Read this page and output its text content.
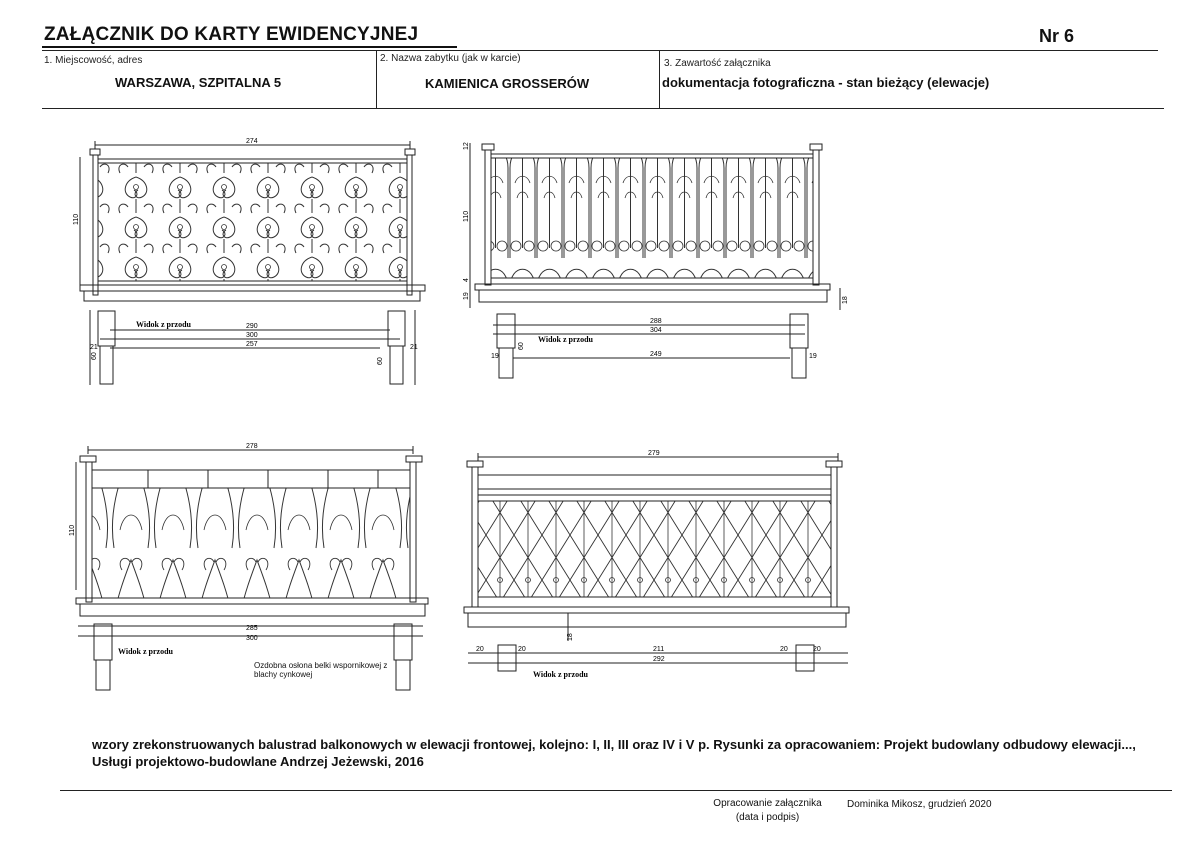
ZAŁĄCZNIK DO KARTY EWIDENCYJNEJ	Nr 6
1. Miejscowość, adres
WARSZAWA, SZPITALNA 5
2. Nazwa zabytku (jak w karcie)
KAMIENICA GROSSERÓW
3. Zawartość załącznika
dokumentacja fotograficzna - stan bieżący (elewacje)
Widok z przodu
274
110
290
300
257
21	21
60
60
Widok z przodu
12
110
4
19
18
288
304
249
19	19
60
Widok z przodu
278
110
285
300
Ozdobna osłona belki wspornikowej z blachy cynkowej	Widok z przodu
279
18
20	20	211	20	20
292
wzory zrekonstruowanych balustrad balkonowych w elewacji frontowej, kolejno: I, II, III oraz IV i V p. Rysunki za opracowaniem: Projekt budowlany odbudowy elewacji..., Usługi projektowo-budowlane Andrzej Jeżewski, 2016
Opracowanie załącznika
(data i podpis)
Dominika Mikosz, grudzień 2020
